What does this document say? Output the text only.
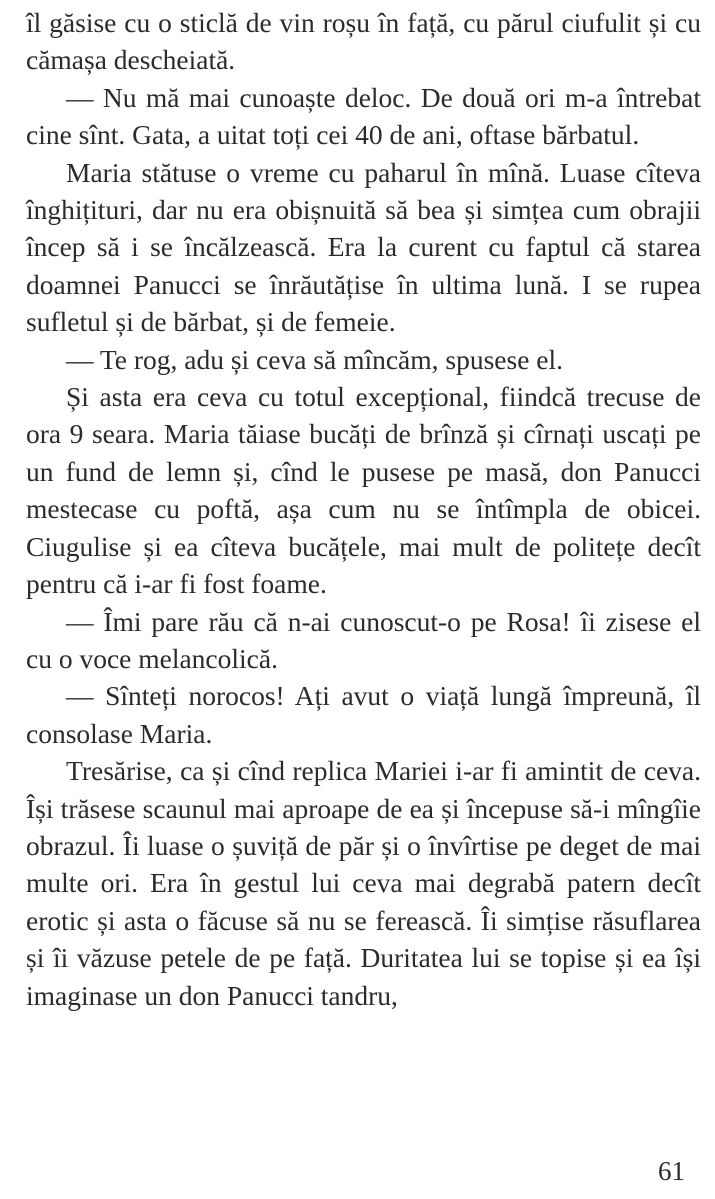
îl găsise cu o sticlă de vin roșu în față, cu părul ciufulit și cu cămașa descheiată.

— Nu mă mai cunoaște deloc. De două ori m-a întrebat cine sînt. Gata, a uitat toți cei 40 de ani, oftase bărbatul.

Maria stătuse o vreme cu paharul în mînă. Luase cîteva înghițituri, dar nu era obișnuită să bea și simțea cum obrajii încep să i se încălzească. Era la curent cu faptul că starea doamnei Panucci se înrăutățise în ultima lună. I se rupea sufletul și de bărbat, și de femeie.

— Te rog, adu și ceva să mîncăm, spusese el.

Și asta era ceva cu totul excepțional, fiindcă trecuse de ora 9 seara. Maria tăiase bucăți de brînză și cîrnați uscați pe un fund de lemn și, cînd le pusese pe masă, don Panucci mestecase cu poftă, așa cum nu se întîmpla de obicei. Ciugulise și ea cîteva bucățele, mai mult de politețe decît pentru că i-ar fi fost foame.

— Îmi pare rău că n-ai cunoscut-o pe Rosa! îi zisese el cu o voce melancolică.

— Sînteți norocos! Ați avut o viață lungă împreună, îl consolase Maria.

Tresărise, ca și cînd replica Mariei i-ar fi amintit de ceva. Își trăsese scaunul mai aproape de ea și începuse să-i mîngîie obrazul. Îi luase o șuviță de păr și o învîrtise pe deget de mai multe ori. Era în gestul lui ceva mai degrabă patern decît erotic și asta o făcuse să nu se ferească. Îi simțise răsuflarea și îi văzuse petele de pe față. Duritatea lui se topise și ea își imaginase un don Panucci tandru,

61
